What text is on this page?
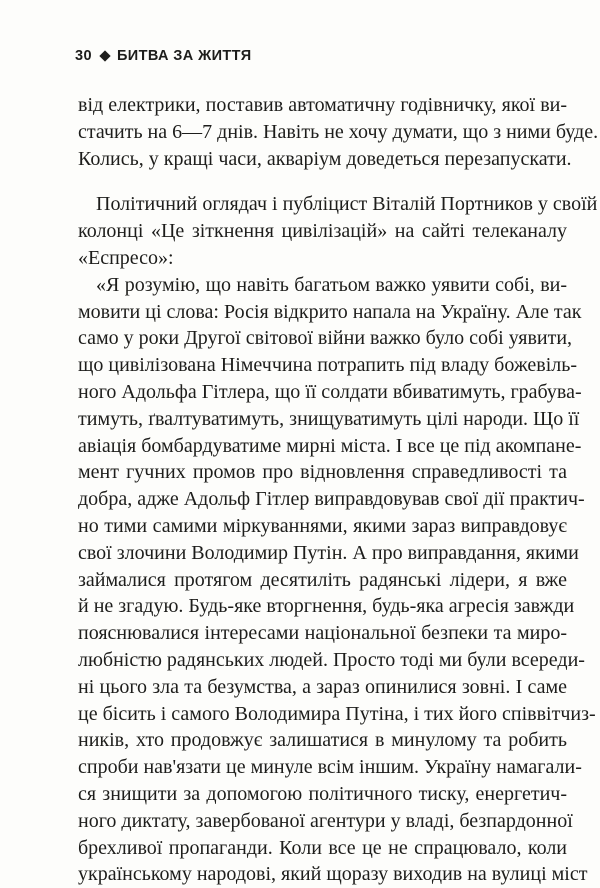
30 БИТВА ЗА ЖИТТЯ
від електрики, поставив автоматичну годівничку, якої ви-
стачить на 6—7 днів. Навіть не хочу думати, що з ними буде.
Колись, у кращі часи, акваріум доведеться перезапускати.
Політичний оглядач і публіцист Віталій Портников у своїй
колонці «Це зіткнення цивілізацій» на сайті телеканалу
«Еспресо»:
«Я розумію, що навіть багатьом важко уявити собі, ви-
мовити ці слова: Росія відкрито напала на Україну. Але так
само у роки Другої світової війни важко було собі уявити,
що цивілізована Німеччина потрапить під владу божевіль-
ного Адольфа Гітлера, що її солдати вбиватимуть, грабува-
тимуть, ґвалтуватимуть, знищуватимуть цілі народи. Що її
авіація бомбардуватиме мирні міста. І все це під акомпане-
мент гучних промов про відновлення справедливості та
добра, адже Адольф Гітлер виправдовував свої дії практич-
но тими самими міркуваннями, якими зараз виправдовує
свої злочини Володимир Путін. А про виправдання, якими
займалися протягом десятиліть радянські лідери, я вже
й не згадую. Будь-яке вторгнення, будь-яка агресія завжди
пояснювалися інтересами національної безпеки та миро-
любністю радянських людей. Просто тоді ми були всереди-
ні цього зла та безумства, а зараз опинилися зовні. І саме
це бісить і самого Володимира Путіна, і тих його співвітчиз-
ників, хто продовжує залишатися в минулому та робить
спроби нав'язати це минуле всім іншим. Україну намагали-
ся знищити за допомогою політичного тиску, енергетич-
ного диктату, завербованої агентури у владі, безпардонної
брехливої пропаганди. Коли все це не спрацювало, коли
українському народові, який щоразу виходив на вулиці міст
